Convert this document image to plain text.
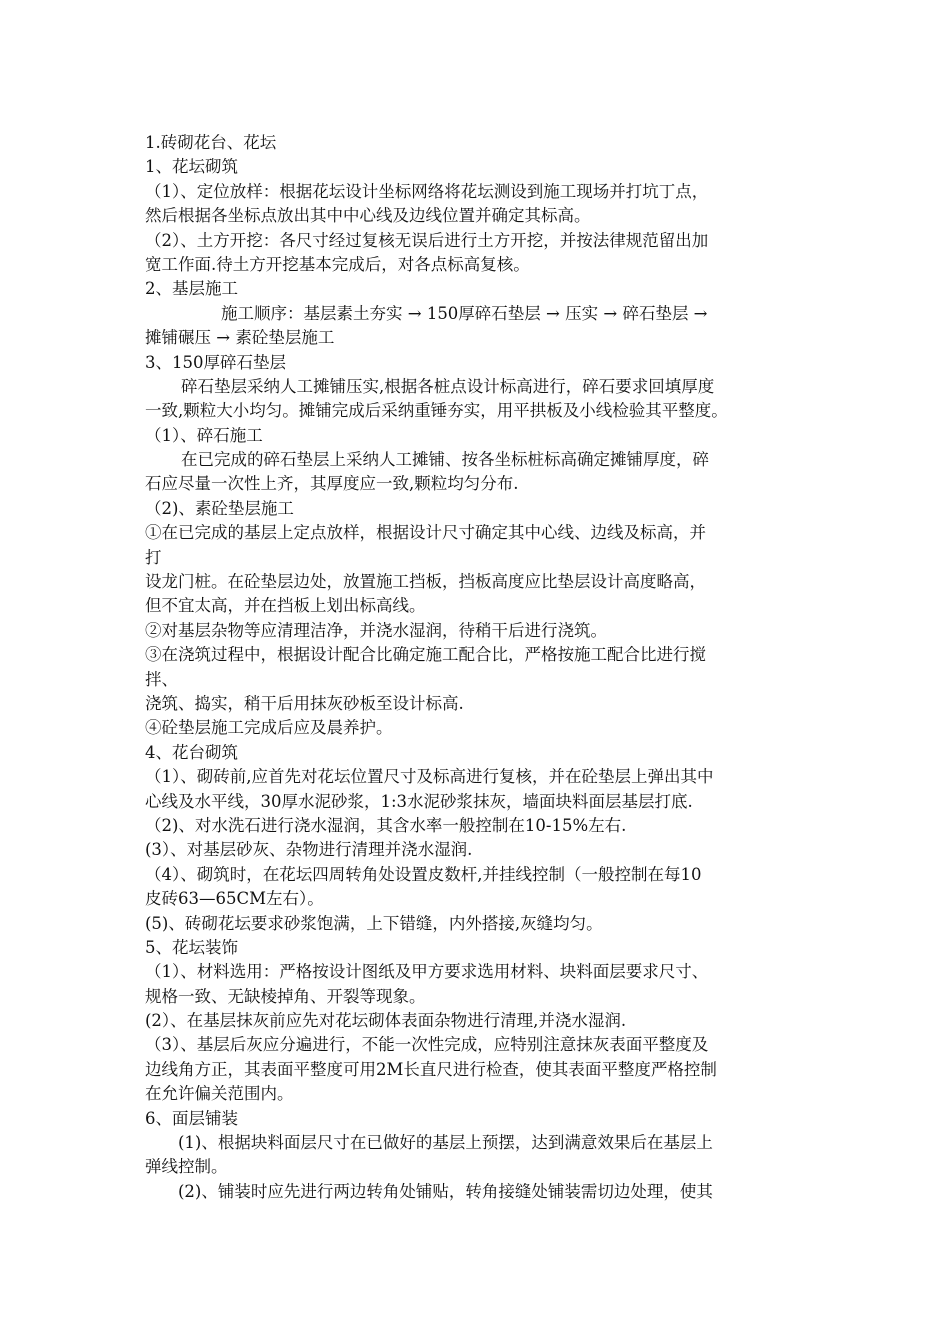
1.砖砌花台、花坛
1、花坛砌筑
（1）、定位放样：根据花坛设计坐标网络将花坛测设到施工现场并打坑丁点，
然后根据各坐标点放出其中中心线及边线位置并确定其标高。
（2）、土方开挖：各尺寸经过复核无误后进行土方开挖，并按法律规范留出加
宽工作面.待土方开挖基本完成后，对各点标高复核。
2、基层施工
施工顺序：基层素土夯实 → 150厚碎石垫层 → 压实 → 碎石垫层 →
摊铺碾压 → 素砼垫层施工
3、150厚碎石垫层
碎石垫层采纳人工摊铺压实,根据各桩点设计标高进行，碎石要求回填厚度
一致,颗粒大小均匀。摊铺完成后采纳重锤夯实，用平拱板及小线检验其平整度。
（1）、碎石施工
在已完成的碎石垫层上采纳人工摊铺、按各坐标桩标高确定摊铺厚度，碎
石应尽量一次性上齐，其厚度应一致,颗粒均匀分布.
（2)、素砼垫层施工
①在已完成的基层上定点放样，根据设计尺寸确定其中心线、边线及标高，并
打
设龙门桩。在砼垫层边处，放置施工挡板，挡板高度应比垫层设计高度略高，
但不宜太高，并在挡板上划出标高线。
②对基层杂物等应清理洁净，并浇水湿润，待稍干后进行浇筑。
③在浇筑过程中，根据设计配合比确定施工配合比，严格按施工配合比进行搅
拌、
浇筑、捣实，稍干后用抹灰砂板至设计标高.
④砼垫层施工完成后应及晨养护。
4、花台砌筑
（1）、砌砖前,应首先对花坛位置尺寸及标高进行复核，并在砼垫层上弹出其中
心线及水平线，30厚水泥砂浆，1:3水泥砂浆抹灰，墙面块料面层基层打底.
（2)、对水洗石进行浇水湿润，其含水率一般控制在10-15%左右.
(3）、对基层砂灰、杂物进行清理并浇水湿润.
（4）、砌筑时，在花坛四周转角处设置皮数杆,并挂线控制（一般控制在每10
皮砖63—65CM左右）。
(5)、砖砌花坛要求砂浆饱满，上下错缝，内外搭接,灰缝均匀。
5、花坛装饰
（1）、材料选用：严格按设计图纸及甲方要求选用材料、块料面层要求尺寸、
规格一致、无缺棱掉角、开裂等现象。
(2）、在基层抹灰前应先对花坛砌体表面杂物进行清理,并浇水湿润.
（3）、基层后灰应分遍进行，不能一次性完成，应特别注意抹灰表面平整度及
边线角方正，其表面平整度可用2M长直尺进行检查，使其表面平整度严格控制
在允许偏关范围内。
6、面层铺装
(1)、根据块料面层尺寸在已做好的基层上预摆，达到满意效果后在基层上
弹线控制。
(2)、铺装时应先进行两边转角处铺贴，转角接缝处铺装需切边处理，使其
